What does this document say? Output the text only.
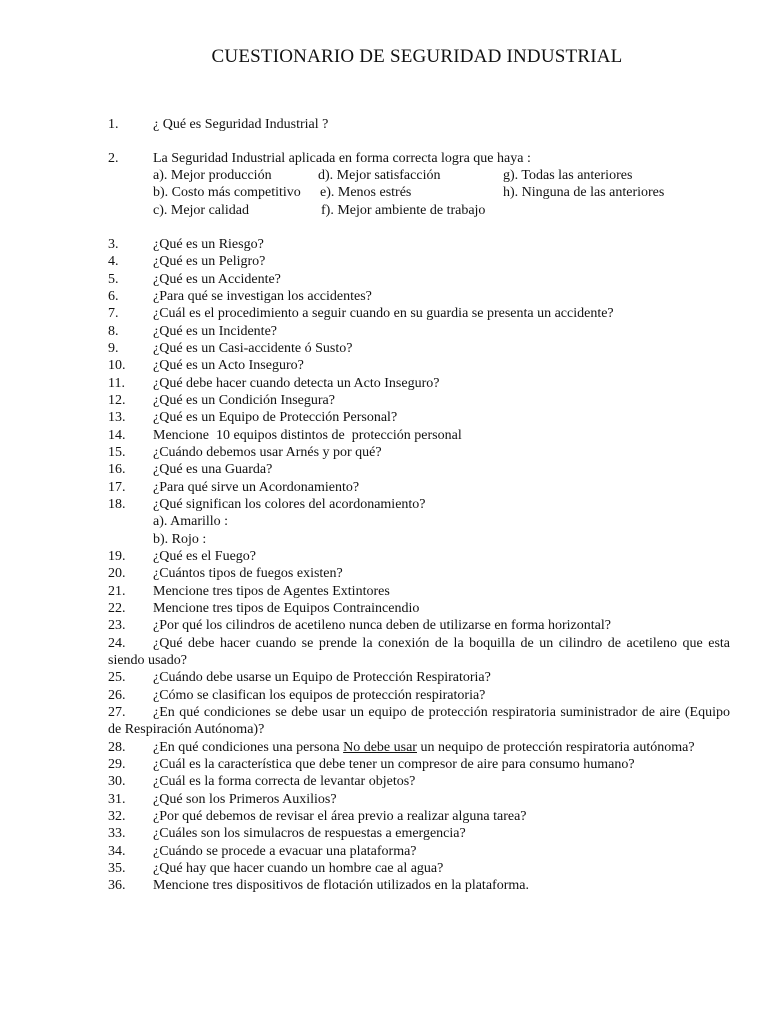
CUESTIONARIO DE SEGURIDAD INDUSTRIAL
1. ¿ Qué es Seguridad Industrial ?
2. La Seguridad Industrial aplicada en forma correcta logra que haya :
a). Mejor producción
b). Costo más competitivo
c). Mejor calidad
d). Mejor satisfacción
e). Menos estrés
f). Mejor ambiente de trabajo
g). Todas las anteriores
h). Ninguna de las anteriores
3. ¿Qué es un Riesgo?
4. ¿Qué es un Peligro?
5. ¿Qué es un Accidente?
6. ¿Para qué se investigan los accidentes?
7. ¿Cuál es el procedimiento a seguir cuando en su guardia se presenta un accidente?
8. ¿Qué es un Incidente?
9. ¿Qué es un Casi-accidente ó Susto?
10. ¿Qué es un Acto Inseguro?
11. ¿Qué debe hacer cuando detecta un Acto Inseguro?
12. ¿Qué es un Condición Insegura?
13. ¿Qué es un Equipo de Protección Personal?
14. Mencione  10 equipos distintos de  protección personal
15. ¿Cuándo debemos usar Arnés y por qué?
16. ¿Qué es una Guarda?
17. ¿Para qué sirve un Acordonamiento?
18. ¿Qué significan los colores del acordonamiento?
a). Amarillo :
b). Rojo :
19. ¿Qué es el Fuego?
20. ¿Cuántos tipos de fuegos existen?
21. Mencione tres tipos de Agentes Extintores
22. Mencione tres tipos de Equipos Contraincendio
23. ¿Por qué los cilindros de acetileno nunca deben de utilizarse en forma horizontal?
24.	¿Qué debe hacer cuando se prende la conexión de la boquilla de un cilindro de acetileno que esta siendo usado?
25. ¿Cuándo debe usarse un Equipo de Protección Respiratoria?
26. ¿Cómo se clasifican los equipos de protección respiratoria?
27.	¿En qué condiciones se debe usar un equipo de protección respiratoria suministrador de aire (Equipo de Respiración Autónoma)?
28. ¿En qué condiciones una persona No debe usar un nequipo de protección respiratoria autónoma?
29. ¿Cuál es la característica que debe tener un compresor de aire para consumo humano?
30. ¿Cuál es la forma correcta de levantar objetos?
31. ¿Qué son los Primeros Auxilios?
32. ¿Por qué debemos de revisar el área previo a realizar alguna tarea?
33. ¿Cuáles son los simulacros de respuestas a emergencia?
34. ¿Cuándo se procede a evacuar una plataforma?
35. ¿Qué hay que hacer cuando un hombre cae al agua?
36. Mencione tres dispositivos de flotación utilizados en la plataforma.
